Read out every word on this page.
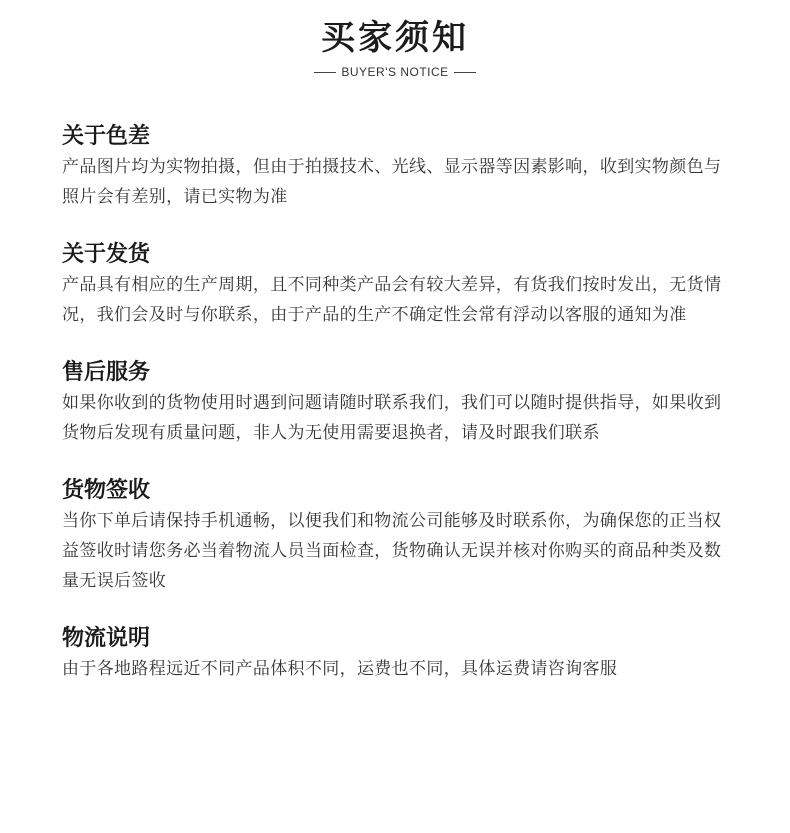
买家须知
BUYER'S NOTICE
关于色差

产品图片均为实物拍摄，但由于拍摄技术、光线、显示器等因素影响，收到实物颜色与照片会有差别，请已实物为准

关于发货

产品具有相应的生产周期，且不同种类产品会有较大差异，有货我们按时发出，无货情况，我们会及时与你联系，由于产品的生产不确定性会常有浮动以客服的通知为准

售后服务

如果你收到的货物使用时遇到问题请随时联系我们，我们可以随时提供指导，如果收到货物后发现有质量问题，非人为无使用需要退换者，请及时跟我们联系

货物签收

当你下单后请保持手机通畅，以便我们和物流公司能够及时联系你，为确保您的正当权益签收时请您务必当着物流人员当面检查，货物确认无误并核对你购买的商品种类及数量无误后签收

物流说明

由于各地路程远近不同产品体积不同，运费也不同，具体运费请咨询客服
